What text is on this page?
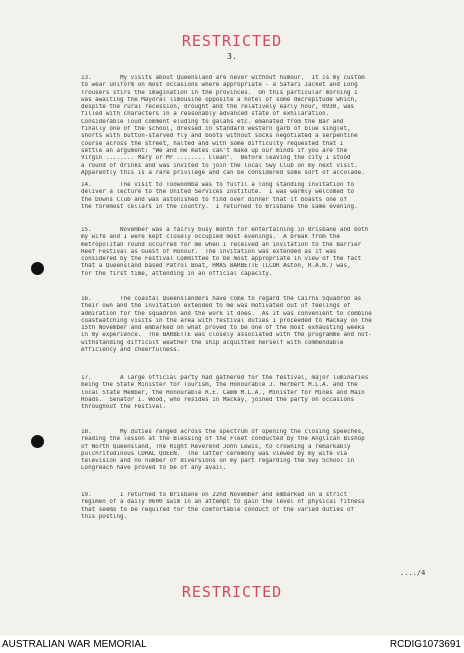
RESTRICTED
3.
13.        My visits about Queensland are never without humour.  It is my custom
to wear uniform on most occasions where appropriate - a Safari Jacket and Long
Trousers stirs the imagination in the provinces.  On this particular morning I
was awaiting the Mayoral limousine opposite a hotel of some decrepitude which,
despite the rural recession, drought and the relatively early hour, 0930, was
filled with characters in a reasonably advanced state of exhilaration.
Considerable loud comment eluding to galahs etc. emanated from the Bar and
finally one of the school, dressed in standard western garb of blue singlet,
shorts with button-starved fly and boots without socks negotiated a serpentine
course across the street, halted and with some difficulty requested that I
settle an argument: "We and me mates can't make up our minds if you are the
Virgin ........ Mary or Mr ........ Clean".  Before leaving the city I stood
a round of drinks and was invited to join the local Swy Club on my next visit.
Apparently this is a rare privilege and can be considered some sort of accolade.
14.        The visit to Toowoomba was to fulfil a long standing invitation to
deliver a lecture to the United Services Institute.  I was warmly welcomed to
the Downs Club and was astonished to find over dinner that it boasts one of
the foremost cellars in the country.  I returned to Brisbane the same evening.
15.        November was a fairly busy month for entertaining in Brisbane and both
my wife and I were kept closely occupied most evenings.  A break from the
metropolitan round occurred for me when I received an invitation to the Barrier
Reef Festival as Guest of Honour.  The invitation was extended as it was
considered by the Festival Committee to be most appropriate in view of the fact
that a Queensland based Patrol Boat, HMAS BARBETTE (LCDR Aston, R.A.N.) was,
for the first time, attending in an official capacity.
16.        The coastal Queenslanders have come to regard the Cairns Squadron as
their own and the invitation extended to me was motivated out of feelings of
admiration for the squadron and the work it does.  As it was convenient to combine
coastwatching visits in the area with festival duties I proceeded to Mackay on the
15th November and embarked on what proved to be one of the most exhausting weeks
in my experience.  The BARBETTE was closely associated with the programme and not-
withstanding difficult weather the ship acquitted herself with commendable
efficiency and cheerfulness.
17.        A large official party had gathered for the festival, major luminaries
being the State Minister for Tourism, the Honourable J. Herbert M.L.A. and the
local State Member, the Honourable R.E. Camm M.L.A., Minister for Mines and Main
Roads.  Senator I. Wood, who resides in Mackay, joined the party on occasions
throughout the Festival.
18.        My duties ranged across the spectrum of opening the closing speeches,
reading the lesson at the Blessing of the Fleet conducted by the Anglican Bishop
of North Queensland, The Right Reverend John Lewis, to crowning a remarkably
pulchritudinous CORAL QUEEN.  The latter ceremony was viewed by my wife via
television and no number of diversions on my part regarding the Swy School in
Longreach have proved to be of any avail.
19.        I returned to Brisbane on 22nd November and embarked on a strict
regimen of a daily 0600 swim in an attempt to gain the level of physical fitness
that seems to be required for the comfortable conduct of the varied duties of
this posting.
..../4
RESTRICTED
AUSTRALIAN WAR MEMORIAL	RCDIG1073691
